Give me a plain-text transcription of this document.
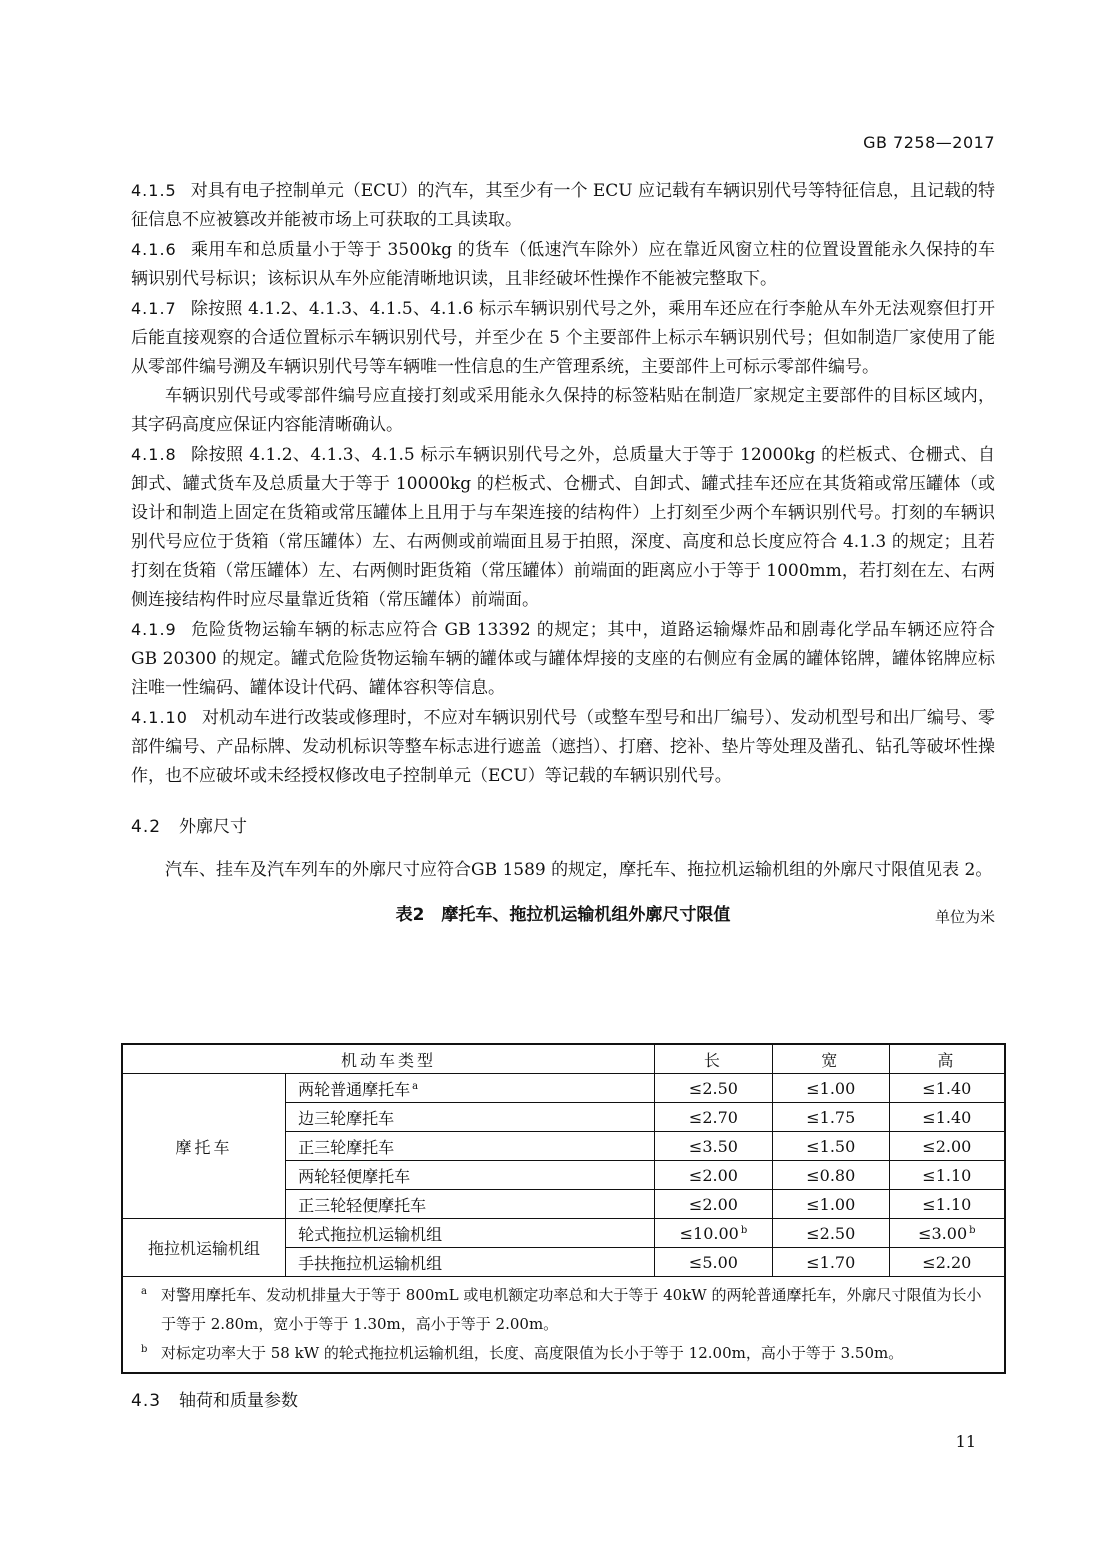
GB 7258—2017

4.1.5 对具有电子控制单元（ECU）的汽车，其至少有一个 ECU 应记载有车辆识别代号等特征信息，且记载的特征信息不应被篡改并能被市场上可获取的工具读取。

4.1.6 乘用车和总质量小于等于 3500kg 的货车（低速汽车除外）应在靠近风窗立柱的位置设置能永久保持的车辆识别代号标识；该标识从车外应能清晰地识读，且非经破坏性操作不能被完整取下。

4.1.7 除按照 4.1.2、4.1.3、4.1.5、4.1.6 标示车辆识别代号之外，乘用车还应在行李舱从车外无法观察但打开后能直接观察的合适位置标示车辆识别代号，并至少在 5 个主要部件上标示车辆识别代号；但如制造厂家使用了能从零部件编号溯及车辆识别代号等车辆唯一性信息的生产管理系统，主要部件上可标示零部件编号。

车辆识别代号或零部件编号应直接打刻或采用能永久保持的标签粘贴在制造厂家规定主要部件的目标区域内，其字码高度应保证内容能清晰确认。

4.1.8 除按照 4.1.2、4.1.3、4.1.5 标示车辆识别代号之外，总质量大于等于 12000kg 的栏板式、仓栅式、自卸式、罐式货车及总质量大于等于 10000kg 的栏板式、仓栅式、自卸式、罐式挂车还应在其货箱或常压罐体（或设计和制造上固定在货箱或常压罐体上且用于与车架连接的结构件）上打刻至少两个车辆识别代号。打刻的车辆识别代号应位于货箱（常压罐体）左、右两侧或前端面且易于拍照，深度、高度和总长度应符合 4.1.3 的规定；且若打刻在货箱（常压罐体）左、右两侧时距货箱（常压罐体）前端面的距离应小于等于 1000mm，若打刻在左、右两侧连接结构件时应尽量靠近货箱（常压罐体）前端面。

4.1.9 危险货物运输车辆的标志应符合 GB 13392 的规定；其中，道路运输爆炸品和剧毒化学品车辆还应符合 GB 20300 的规定。罐式危险货物运输车辆的罐体或与罐体焊接的支座的右侧应有金属的罐体铭牌，罐体铭牌应标注唯一性编码、罐体设计代码、罐体容积等信息。

4.1.10 对机动车进行改装或修理时，不应对车辆识别代号（或整车型号和出厂编号）、发动机型号和出厂编号、零部件编号、产品标牌、发动机标识等整车标志进行遮盖（遮挡）、打磨、挖补、垫片等处理及凿孔、钻孔等破坏性操作，也不应破坏或未经授权修改电子控制单元（ECU）等记载的车辆识别代号。

4.2 外廓尺寸

汽车、挂车及汽车列车的外廓尺寸应符合GB 1589 的规定，摩托车、拖拉机运输机组的外廓尺寸限值见表 2。

表2　摩托车、拖拉机运输机组外廓尺寸限值	单位为米
机动车类型		长	宽	高
摩托车	两轮普通摩托车 $^a$	≤2.50	≤1.00	≤1.40
	边三轮摩托车	≤2.70	≤1.75	≤1.40
	正三轮摩托车	≤3.50	≤1.50	≤2.00
	两轮轻便摩托车	≤2.00	≤0.80	≤1.10
	正三轮轻便摩托车	≤2.00	≤1.00	≤1.10
拖拉机运输机组	轮式拖拉机运输机组	≤10.00 $^b$	≤2.50	≤3.00 $^b$
	手扶拖拉机运输机组	≤5.00	≤1.70	≤2.20

a 对警用摩托车、发动机排量大于等于 800mL 或电机额定功率总和大于等于 40kW 的两轮普通摩托车，外廓尺寸限值为长小于等于 2.80m，宽小于等于 1.30m，高小于等于 2.00m。
b 对标定功率大于 58 kW 的轮式拖拉机运输机组，长度、高度限值为长小于等于 12.00m，高小于等于 3.50m。				
4.3 轴荷和质量参数
11
